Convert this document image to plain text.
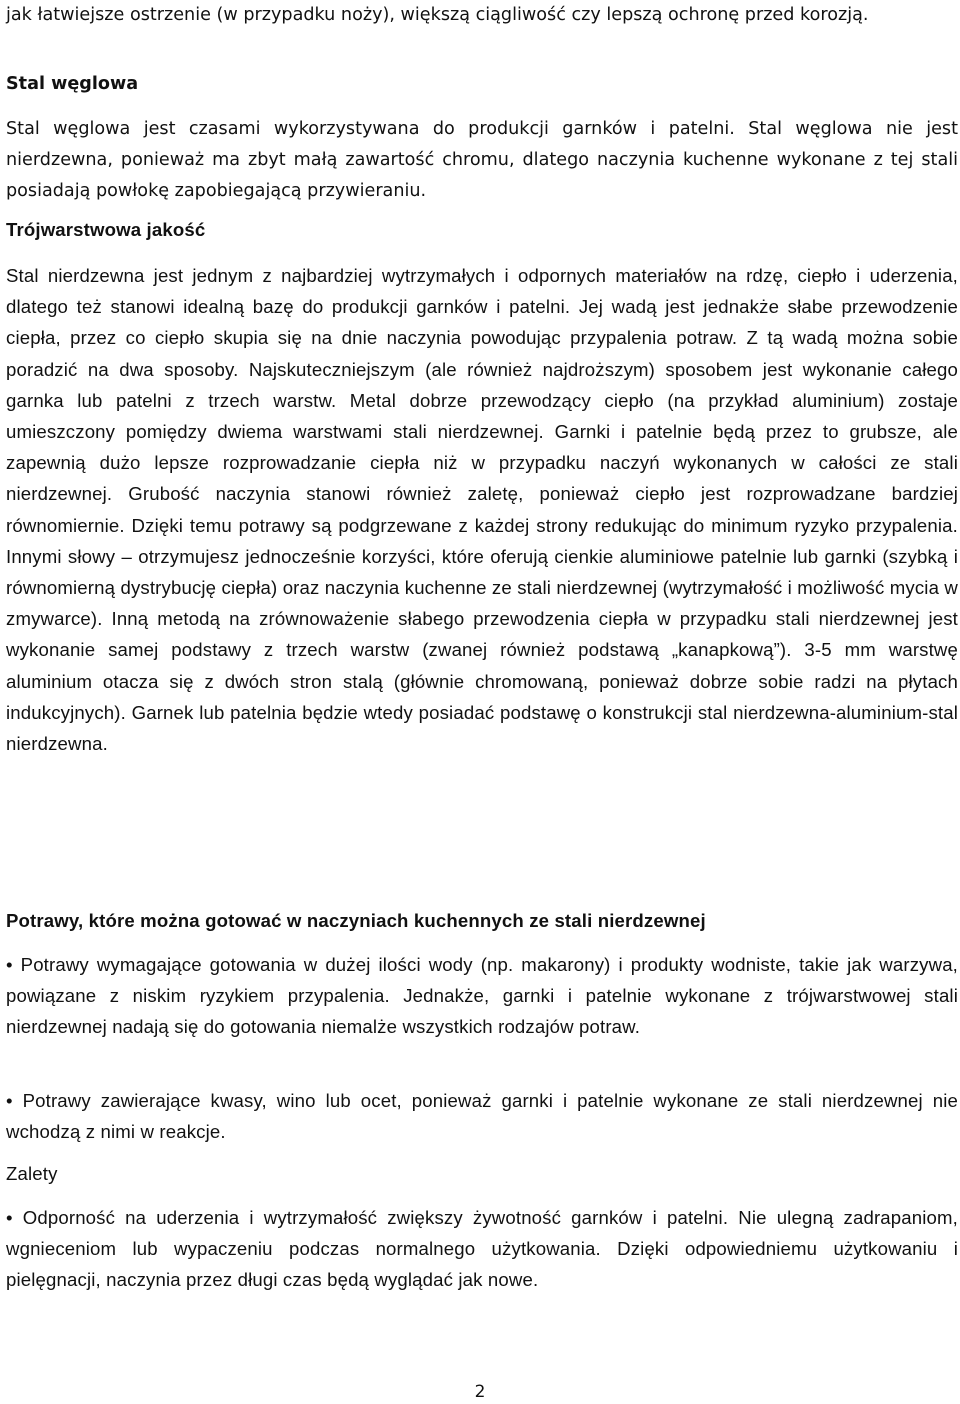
jak łatwiejsze ostrzenie (w przypadku noży), większą ciągliwość czy lepszą ochronę przed korozją.

Stal węglowa

Stal węglowa jest czasami wykorzystywana do produkcji garnków i patelni. Stal węglowa nie jest nierdzewna, ponieważ ma zbyt małą zawartość chromu, dlatego naczynia kuchenne wykonane z tej stali posiadają powłokę zapobiegającą przywieraniu.

Trójwarstwowa jakość

Stal nierdzewna jest jednym z najbardziej wytrzymałych i odpornych materiałów na rdzę, ciepło i uderzenia, dlatego też stanowi idealną bazę do produkcji garnków i patelni. Jej wadą jest jednakże słabe przewodzenie ciepła, przez co ciepło skupia się na dnie naczynia powodując przypalenia potraw. Z tą wadą można sobie poradzić na dwa sposoby. Najskuteczniejszym (ale również najdroższym) sposobem jest wykonanie całego garnka lub patelni z trzech warstw. Metal dobrze przewodzący ciepło (na przykład aluminium) zostaje umieszczony pomiędzy dwiema warstwami stali nierdzewnej. Garnki i patelnie będą przez to grubsze, ale zapewnią dużo lepsze rozprowadzanie ciepła niż w przypadku naczyń wykonanych w całości ze stali nierdzewnej. Grubość naczynia stanowi również zaletę, ponieważ ciepło jest rozprowadzane bardziej równomiernie. Dzięki temu potrawy są podgrzewane z każdej strony redukując do minimum ryzyko przypalenia. Innymi słowy – otrzymujesz jednocześnie korzyści, które oferują cienkie aluminiowe patelnie lub garnki (szybką i równomierną dystrybucję ciepła) oraz naczynia kuchenne ze stali nierdzewnej (wytrzymałość i możliwość mycia w zmywarce). Inną metodą na zrównoważenie słabego przewodzenia ciepła w przypadku stali nierdzewnej jest wykonanie samej podstawy z trzech warstw (zwanej również podstawą „kanapkową”). 3-5 mm warstwę aluminium otacza się z dwóch stron stalą (głównie chromowaną, ponieważ dobrze sobie radzi na płytach indukcyjnych). Garnek lub patelnia będzie wtedy posiadać podstawę o konstrukcji stal nierdzewna-aluminium-stal nierdzewna.

Potrawy, które można gotować w naczyniach kuchennych ze stali nierdzewnej

• Potrawy wymagające gotowania w dużej ilości wody (np. makarony) i produkty wodniste, takie jak warzywa, powiązane z niskim ryzykiem przypalenia. Jednakże, garnki i patelnie wykonane z trójwarstwowej stali nierdzewnej nadają się do gotowania niemalże wszystkich rodzajów potraw.

• Potrawy zawierające kwasy, wino lub ocet, ponieważ garnki i patelnie wykonane ze stali nierdzewnej nie wchodzą z nimi w reakcje.

Zalety

• Odporność na uderzenia i wytrzymałość zwiększy żywotność garnków i patelni. Nie ulegną zadrapaniom, wgnieceniom lub wypaczeniu podczas normalnego użytkowania. Dzięki odpowiedniemu użytkowaniu i pielęgnacji, naczynia przez długi czas będą wyglądać jak nowe.

2
